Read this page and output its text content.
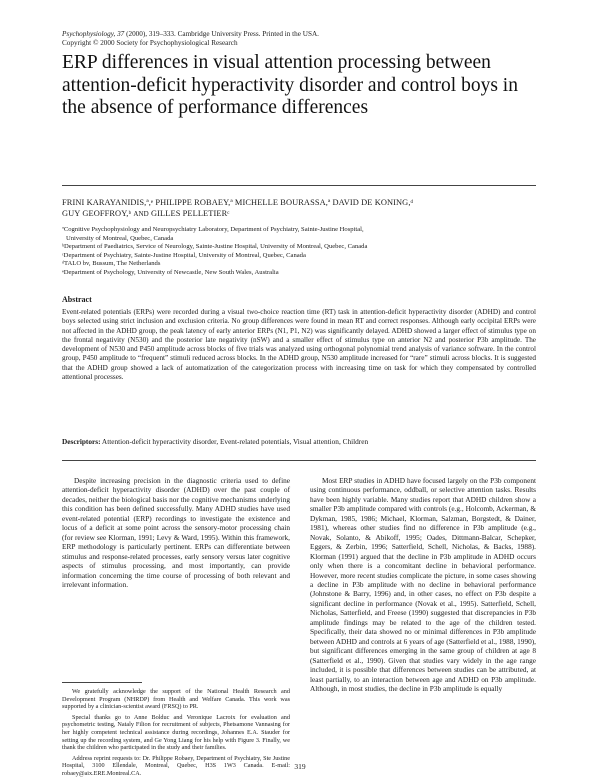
Psychophysiology, 37 (2000), 319–333. Cambridge University Press. Printed in the USA.
Copyright © 2000 Society for Psychophysiological Research
ERP differences in visual attention processing between attention-deficit hyperactivity disorder and control boys in the absence of performance differences
FRINI KARAYANIDIS,ª,ᵉ PHILIPPE ROBAEY,ª MICHELLE BOURASSA,ª DAVID DE KONING,ᵈ
GUY GEOFFROY,ᵇ AND GILLES PELLETIERᶜ
ªCognitive Psychophysiology and Neuropsychiatry Laboratory, Department of Psychiatry, Sainte-Justine Hospital,
University of Montreal, Quebec, Canada
ᵇDepartment of Paediatrics, Service of Neurology, Sainte-Justine Hospital, University of Montreal, Quebec, Canada
ᶜDepartment of Psychiatry, Sainte-Justine Hospital, University of Montreal, Quebec, Canada
ᵈTALO bv, Bussum, The Netherlands
ᵉDepartment of Psychology, University of Newcastle, New South Wales, Australia
Abstract
Event-related potentials (ERPs) were recorded during a visual two-choice reaction time (RT) task in attention-deficit hyperactivity disorder (ADHD) and control boys selected using strict inclusion and exclusion criteria. No group differences were found in mean RT and correct responses. Although early occipital ERPs were not affected in the ADHD group, the peak latency of early anterior ERPs (N1, P1, N2) was significantly delayed. ADHD showed a larger effect of stimulus type on the frontal negativity (N530) and the posterior late negativity (nSW) and a smaller effect of stimulus type on anterior N2 and posterior P3b amplitude. The development of N530 and P450 amplitude across blocks of five trials was analyzed using orthogonal polynomial trend analysis of variance software. In the control group, P450 amplitude to “frequent” stimuli reduced across blocks. In the ADHD group, N530 amplitude increased for “rare” stimuli across blocks. It is suggested that the ADHD group showed a lack of automatization of the categorization process with increasing time on task for which they compensated by controlled attentional processes.
Descriptors: Attention-deficit hyperactivity disorder, Event-related potentials, Visual attention, Children

Despite increasing precision in the diagnostic criteria used to define attention-deficit hyperactivity disorder (ADHD) over the past couple of decades, neither the biological basis nor the cognitive mechanisms underlying this condition has been defined successfully. Many ADHD studies have used event-related potential (ERP) recordings to investigate the existence and locus of a deficit at some point across the sensory-motor processing chain (for review see Klorman, 1991; Levy & Ward, 1995). Within this framework, ERP methodology is particularly pertinent. ERPs can differentiate between stimulus and response-related processes, early sensory versus later cognitive aspects of stimulus processing, and most importantly, can provide information concerning the time course of processing of both relevant and irrelevant information.

Most ERP studies in ADHD have focused largely on the P3b component using continuous performance, oddball, or selective attention tasks. Results have been highly variable. Many studies report that ADHD children show a smaller P3b amplitude compared with controls (e.g., Holcomb, Ackerman, & Dykman, 1985, 1986; Michael, Klorman, Salzman, Borgstedt, & Dainer, 1981), whereas other studies find no difference in P3b amplitude (e.g., Novak, Solanto, & Abikoff, 1995; Oades, Dittmann-Balcar, Schepker, Eggers, & Zerbin, 1996; Satterfield, Schell, Nicholas, & Backs, 1988). Klorman (1991) argued that the decline in P3b amplitude in ADHD occurs only when there is a concomitant decline in behavioral performance. However, more recent studies complicate the picture, in some cases showing a decline in P3b amplitude with no decline in behavioral performance (Johnstone & Barry, 1996) and, in other cases, no effect on P3b despite a significant decline in performance (Novak et al., 1995). Satterfield, Schell, Nicholas, Satterfield, and Freese (1990) suggested that discrepancies in P3b amplitude findings may be related to the age of the children tested. Specifically, their data showed no or minimal differences in P3b amplitude between ADHD and controls at 6 years of age (Satterfield et al., 1988, 1990), but significant differences emerging in the same group of children at age 8 (Satterfield et al., 1990). Given that studies vary widely in the age range included, it is possible that differences between studies can be attributed, at least partially, to an interaction between age and ADHD on P3b amplitude. Although, in most studies, the decline in P3b amplitude is equally

We gratefully acknowledge the support of the National Health Research and Development Program (NHRDP) from Health and Welfare Canada. This work was supported by a clinician-scientist award (FRSQ) to PR.

Special thanks go to Anne Bolduc and Veronique Lacroix for evaluation and psychometric testing, Nataly Filion for recruitment of subjects, Phetsamone Vannasing for her highly competent technical assistance during recordings, Johannes E.A. Stauder for setting up the recording system, and Ge Yong Liang for his help with Figure 3. Finally, we thank the children who participated in the study and their families.

Address reprint requests to: Dr. Philippe Robaey, Department of Psychiatry, Ste Justine Hospital, 3100 Ellendale, Montreal, Quebec, H3S 1W3 Canada. E-mail: robaey@aix.ERE.Montreal.CA.

319
